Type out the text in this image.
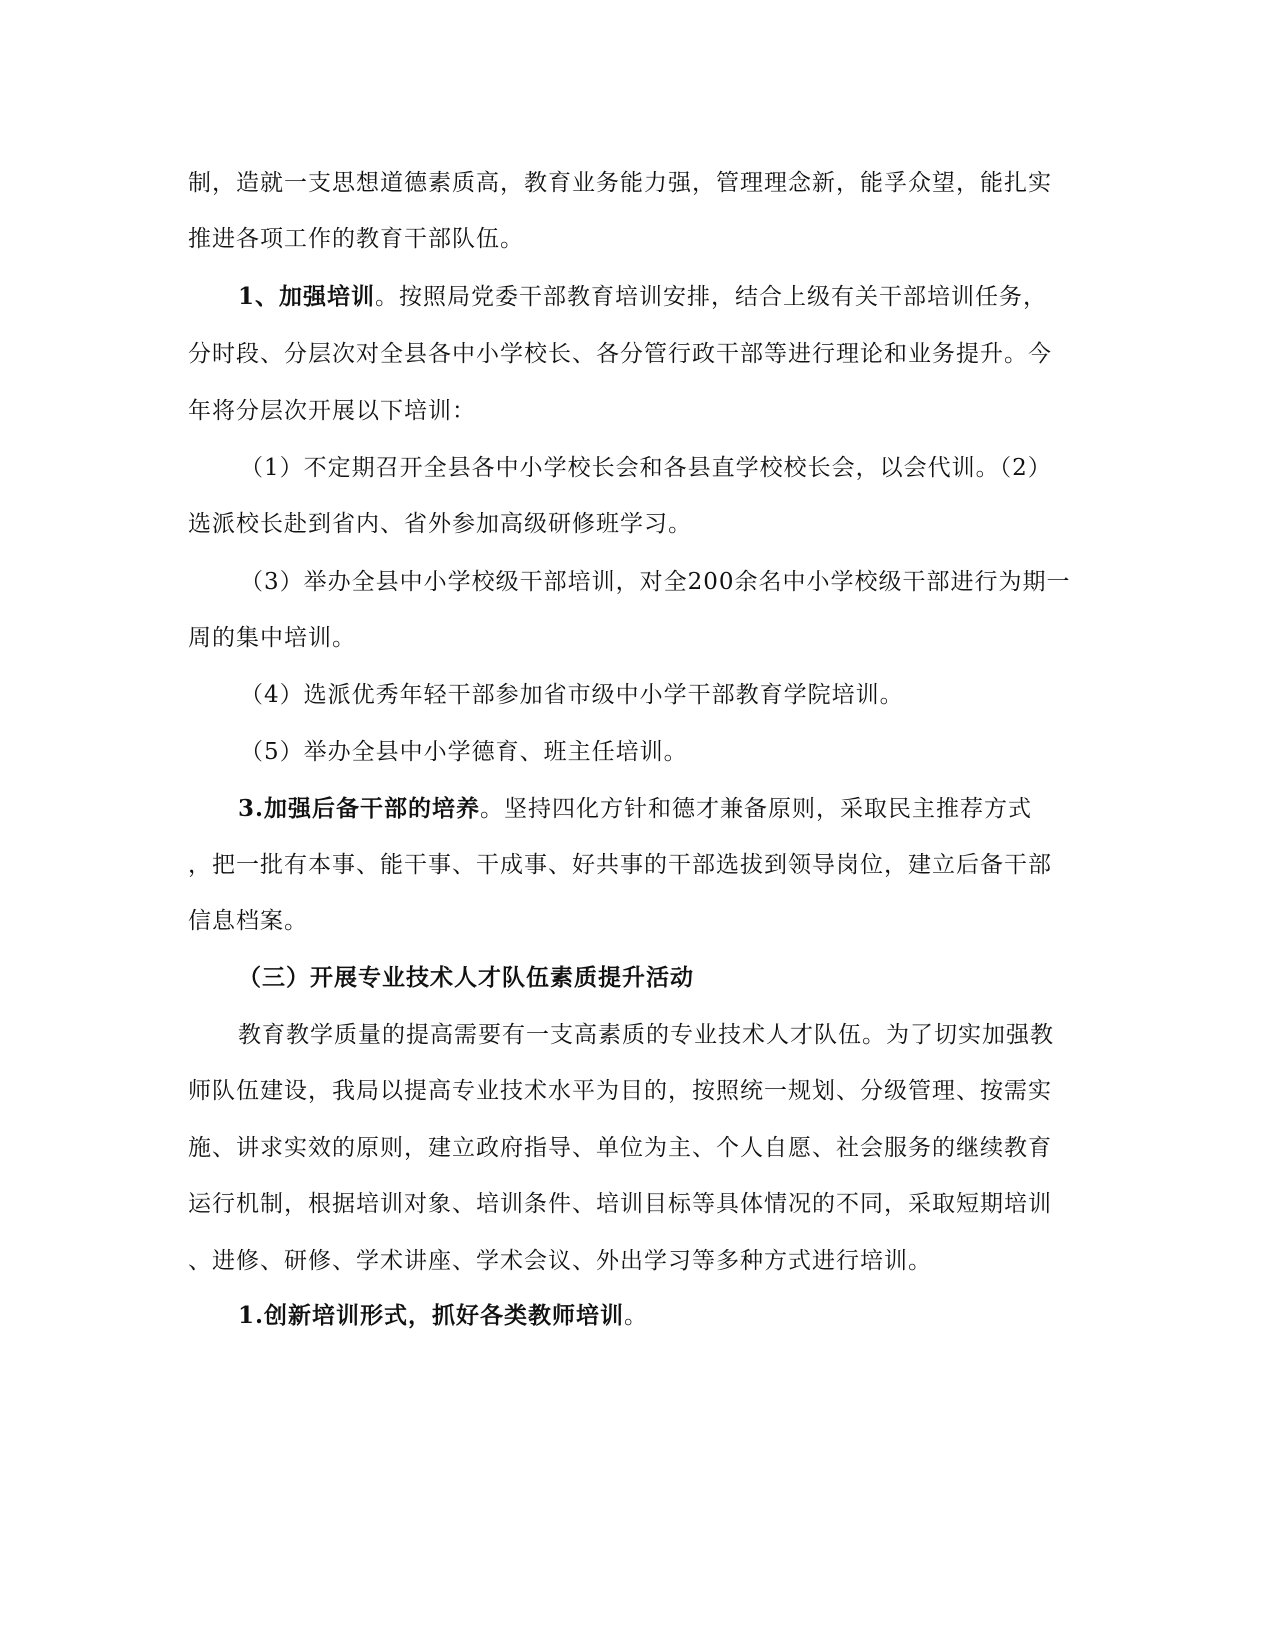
制，造就一支思想道德素质高，教育业务能力强，管理理念新，能孚众望，能扎实
推进各项工作的教育干部队伍。
1、加强培训。按照局党委干部教育培训安排，结合上级有关干部培训任务，
分时段、分层次对全县各中小学校长、各分管行政干部等进行理论和业务提升。今
年将分层次开展以下培训：
（1）不定期召开全县各中小学校长会和各县直学校校长会，以会代训。（2）
选派校长赴到省内、省外参加高级研修班学习。
（3）举办全县中小学校级干部培训，对全200余名中小学校级干部进行为期一
周的集中培训。
（4）选派优秀年轻干部参加省市级中小学干部教育学院培训。
（5）举办全县中小学德育、班主任培训。
3.加强后备干部的培养。坚持四化方针和德才兼备原则，采取民主推荐方式
，把一批有本事、能干事、干成事、好共事的干部选拔到领导岗位，建立后备干部
信息档案。
（三）开展专业技术人才队伍素质提升活动
教育教学质量的提高需要有一支高素质的专业技术人才队伍。为了切实加强教
师队伍建设，我局以提高专业技术水平为目的，按照统一规划、分级管理、按需实
施、讲求实效的原则，建立政府指导、单位为主、个人自愿、社会服务的继续教育
运行机制，根据培训对象、培训条件、培训目标等具体情况的不同，采取短期培训
、进修、研修、学术讲座、学术会议、外出学习等多种方式进行培训。
1.创新培训形式，抓好各类教师培训。
